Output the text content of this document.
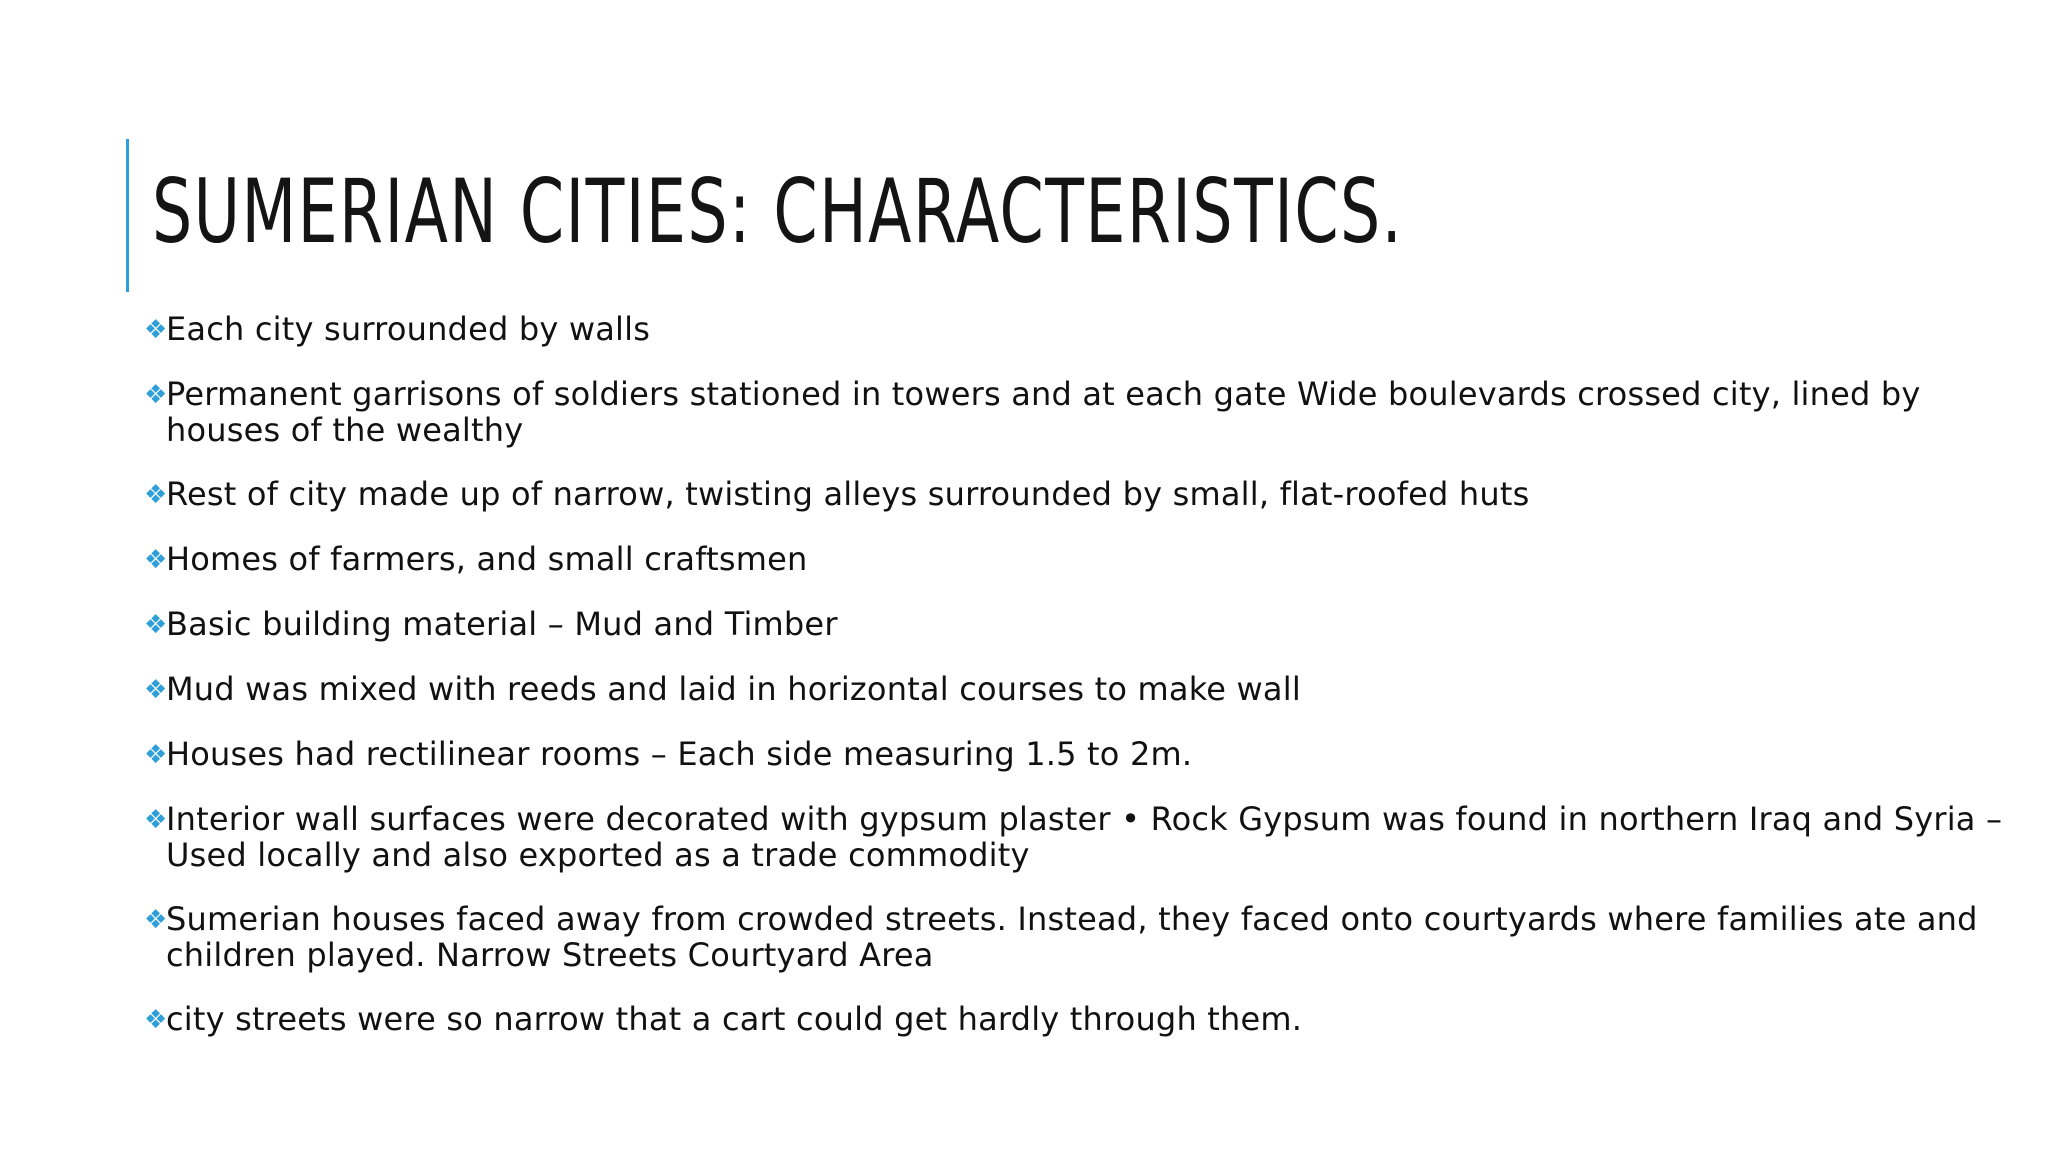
SUMERIAN CITIES: CHARACTERISTICS.
❖Each city surrounded by walls
❖Permanent garrisons of soldiers stationed in towers and at each gate Wide boulevards crossed city, lined by houses of the wealthy
❖Rest of city made up of narrow, twisting alleys surrounded by small, flat-roofed huts
❖Homes of farmers, and small craftsmen
❖Basic building material – Mud and Timber
❖Mud was mixed with reeds and laid in horizontal courses to make wall
❖Houses had rectilinear rooms – Each side measuring 1.5 to 2m.
❖Interior wall surfaces were decorated with gypsum plaster • Rock Gypsum was found in northern Iraq and Syria – Used locally and also exported as a trade commodity
❖Sumerian houses faced away from crowded streets. Instead, they faced onto courtyards where families ate and children played. Narrow Streets Courtyard Area
❖city streets were so narrow that a cart could get hardly through them.
